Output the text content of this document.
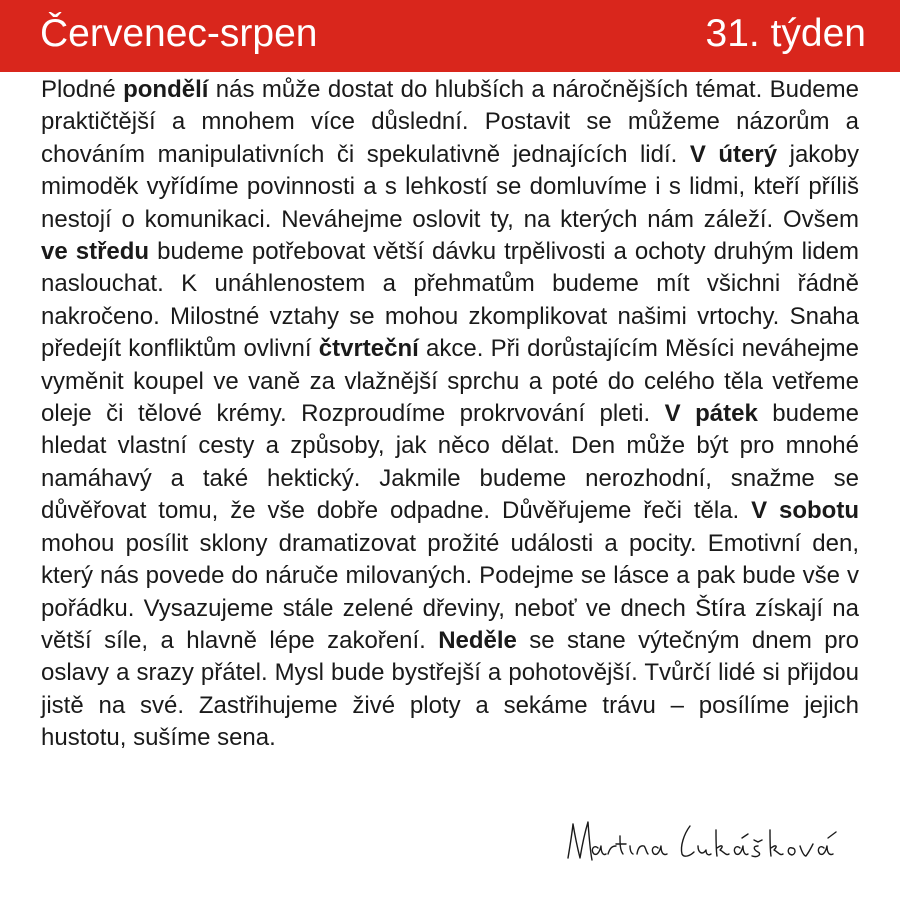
Červenec-srpen	31. týden

Plodné pondělí nás může dostat do hlubších a náročnějších témat. Budeme praktičtější a mnohem více důslední. Postavit se můžeme názorům a chováním manipulativních či spekulativně jednajících lidí. V úterý jakoby mimoděk vyřídíme povinnosti a s lehkostí se domluvíme i s lidmi, kteří příliš nestojí o komunikaci. Neváhejme oslovit ty, na kterých nám záleží. Ovšem ve středu budeme potřebovat větší dávku trpělivosti a ochoty druhým lidem naslouchat. K unáhlenostem a přehmatům budeme mít všichni řádně nakročeno. Milostné vztahy se mohou zkomplikovat našimi vrtochy. Snaha předejít konfliktům ovlivní čtvrteční akce. Při dorůstajícím Měsíci neváhejme vyměnit koupel ve vaně za vlažnější sprchu a poté do celého těla vetřeme oleje či tělové krémy. Rozproudíme prokrvování pleti. V pátek budeme hledat vlastní cesty a způsoby, jak něco dělat. Den může být pro mnohé namáhavý a také hektický. Jakmile budeme nerozhodní, snažme se důvěřovat tomu, že vše dobře odpadne. Důvěřujeme řeči těla. V sobotu mohou posílit sklony dramatizovat prožité události a pocity. Emotivní den, který nás povede do náruče milovaných. Podejme se lásce a pak bude vše v pořádku. Vysazujeme stále zelené dřeviny, neboť ve dnech Štíra získají na větší síle, a hlavně lépe zakoření. Neděle se stane výtečným dnem pro oslavy a srazy přátel. Mysl bude bystřejší a pohotovější. Tvůrčí lidé si přijdou jistě na své. Zastřihujeme živé ploty a sekáme trávu – posílíme jejich hustotu, sušíme sena.
